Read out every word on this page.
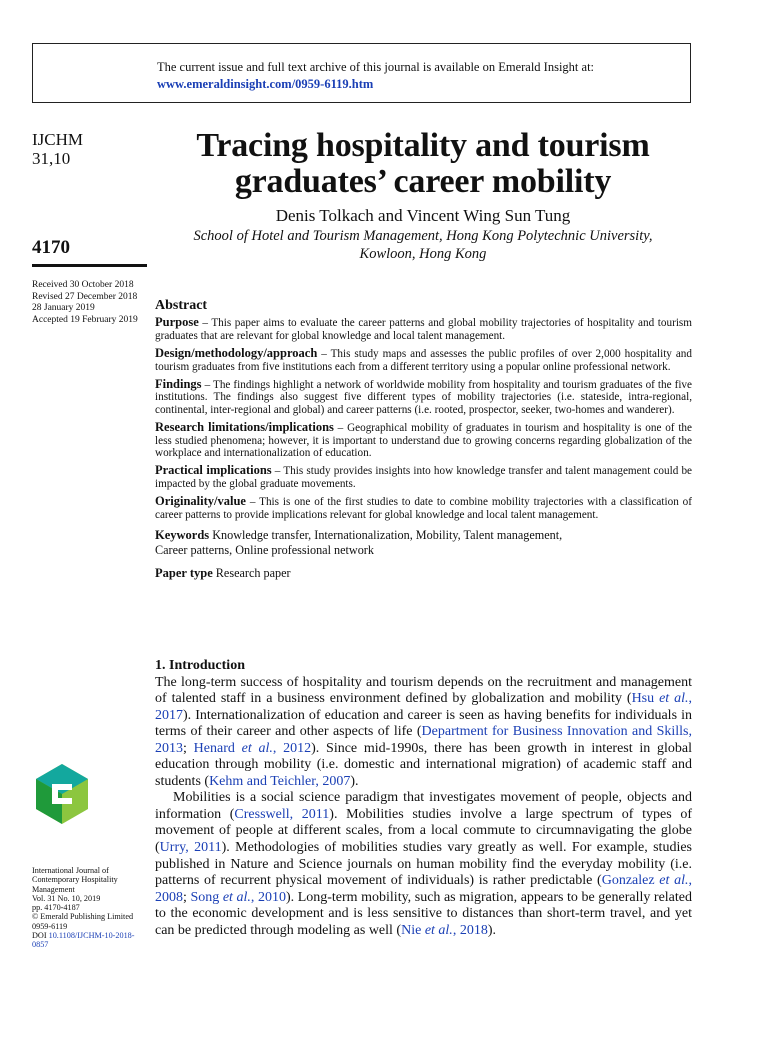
The current issue and full text archive of this journal is available on Emerald Insight at:
www.emeraldinsight.com/0959-6119.htm
IJCHM
31,10
4170
Received 30 October 2018
Revised 27 December 2018
28 January 2019
Accepted 19 February 2019
Tracing hospitality and tourism
graduates’ career mobility
Denis Tolkach and Vincent Wing Sun Tung
School of Hotel and Tourism Management, Hong Kong Polytechnic University,
Kowloon, Hong Kong
Abstract

Purpose – This paper aims to evaluate the career patterns and global mobility trajectories of hospitality and tourism graduates that are relevant for global knowledge and local talent management.

Design/methodology/approach – This study maps and assesses the public profiles of over 2,000 hospitality and tourism graduates from five institutions each from a different territory using a popular online professional network.

Findings – The findings highlight a network of worldwide mobility from hospitality and tourism graduates of the five institutions. The findings also suggest five different types of mobility trajectories (i.e. stateside, intra-regional, continental, inter-regional and global) and career patterns (i.e. rooted, prospector, seeker, two-homes and wanderer).

Research limitations/implications – Geographical mobility of graduates in tourism and hospitality is one of the less studied phenomena; however, it is important to understand due to growing concerns regarding globalization of the workplace and internationalization of education.

Practical implications – This study provides insights into how knowledge transfer and talent management could be impacted by the global graduate movements.

Originality/value – This is one of the first studies to date to combine mobility trajectories with a classification of career patterns to provide implications relevant for global knowledge and local talent management.

Keywords Knowledge transfer, Internationalization, Mobility, Talent management,
Career patterns, Online professional network
Paper type Research paper
1. Introduction

The long-term success of hospitality and tourism depends on the recruitment and management of talented staff in a business environment defined by globalization and mobility (Hsu et al., 2017). Internationalization of education and career is seen as having benefits for individuals in terms of their career and other aspects of life (Department for Business Innovation and Skills, 2013; Henard et al., 2012). Since mid-1990s, there has been growth in interest in global education through mobility (i.e. domestic and international migration) of academic staff and students (Kehm and Teichler, 2007).

Mobilities is a social science paradigm that investigates movement of people, objects and information (Cresswell, 2011). Mobilities studies involve a large spectrum of types of movement of people at different scales, from a local commute to circumnavigating the globe (Urry, 2011). Methodologies of mobilities studies vary greatly as well. For example, studies published in Nature and Science journals on human mobility find the everyday mobility (i.e. patterns of recurrent physical movement of individuals) is rather predictable (Gonzalez et al., 2008; Song et al., 2010). Long-term mobility, such as migration, appears to be generally related to the economic development and is less sensitive to distances than short-term travel, and yet can be predicted through modeling as well (Nie et al., 2018).

International Journal of
Contemporary Hospitality
Management
Vol. 31 No. 10, 2019
pp. 4170-4187
© Emerald Publishing Limited
0959-6119
DOI 10.1108/IJCHM-10-2018-0857
